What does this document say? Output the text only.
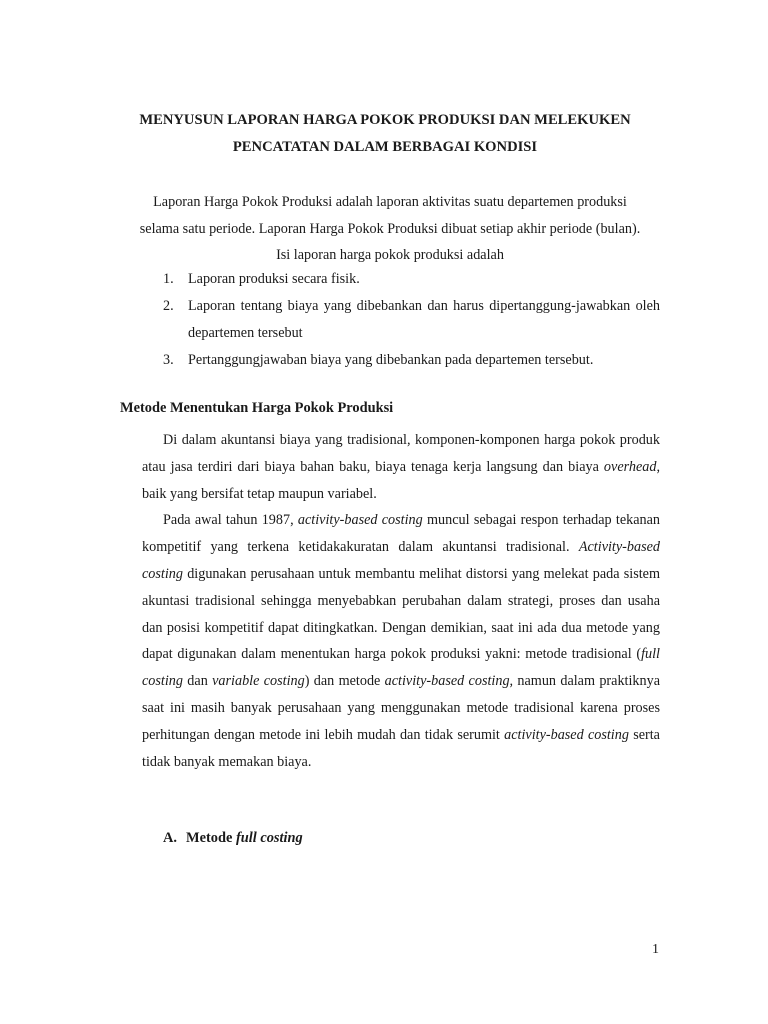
MENYUSUN LAPORAN HARGA POKOK PRODUKSI DAN MELEKUKEN
PENCATATAN DALAM BERBAGAI KONDISI
Laporan Harga Pokok Produksi adalah laporan aktivitas suatu departemen produksi
selama satu periode. Laporan Harga Pokok Produksi dibuat setiap akhir periode (bulan).
Isi laporan harga pokok produksi adalah
1. Laporan produksi secara fisik.
2. Laporan tentang biaya yang dibebankan dan harus dipertanggung-jawabkan oleh departemen tersebut
3. Pertanggungjawaban biaya yang dibebankan pada departemen tersebut.
Metode Menentukan Harga Pokok Produksi

Di dalam akuntansi biaya yang tradisional, komponen-komponen harga pokok produk atau jasa terdiri dari biaya bahan baku, biaya tenaga kerja langsung dan biaya overhead, baik yang bersifat tetap maupun variabel.

Pada awal tahun 1987, activity-based costing muncul sebagai respon terhadap tekanan kompetitif yang terkena ketidakakuratan dalam akuntansi tradisional. Activity-based costing digunakan perusahaan untuk membantu melihat distorsi yang melekat pada sistem akuntasi tradisional sehingga menyebabkan perubahan dalam strategi, proses dan usaha dan posisi kompetitif dapat ditingkatkan. Dengan demikian, saat ini ada dua metode yang dapat digunakan dalam menentukan harga pokok produksi yakni: metode tradisional (full costing dan variable costing) dan metode activity-based costing, namun dalam praktiknya saat ini masih banyak perusahaan yang menggunakan metode tradisional karena proses perhitungan dengan metode ini lebih mudah dan tidak serumit activity-based costing serta tidak banyak memakan biaya.

A. Metode full costing
1
